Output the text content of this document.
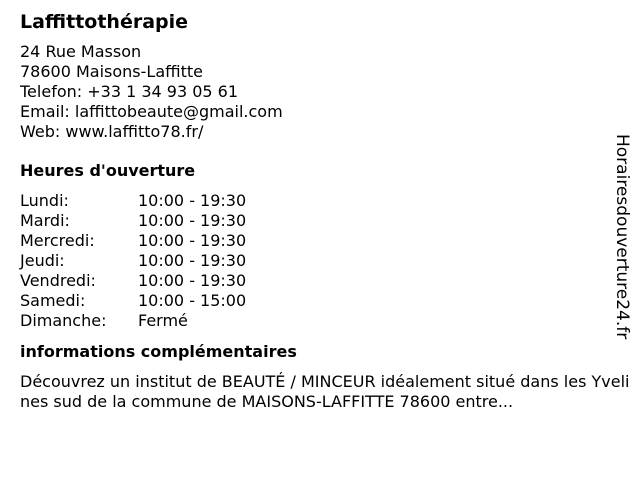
Laffittothérapie
24 Rue Masson
78600 Maisons-Laffitte
Telefon: +33 1 34 93 05 61
Email: laffittobeaute@gmail.com
Web: www.laffitto78.fr/
Heures d'ouverture
Lundi:	10:00 - 19:30
Mardi:	10:00 - 19:30
Mercredi:	10:00 - 19:30
Jeudi:	10:00 - 19:30
Vendredi:	10:00 - 19:30
Samedi:	10:00 - 15:00
Dimanche:	Fermé
informations complémentaires
Découvrez un institut de BEAUTÉ / MINCEUR idéalement situé dans les Yvelines sud de la commune de MAISONS-LAFFITTE 78600 entre...
Horairesdouverture24.fr
